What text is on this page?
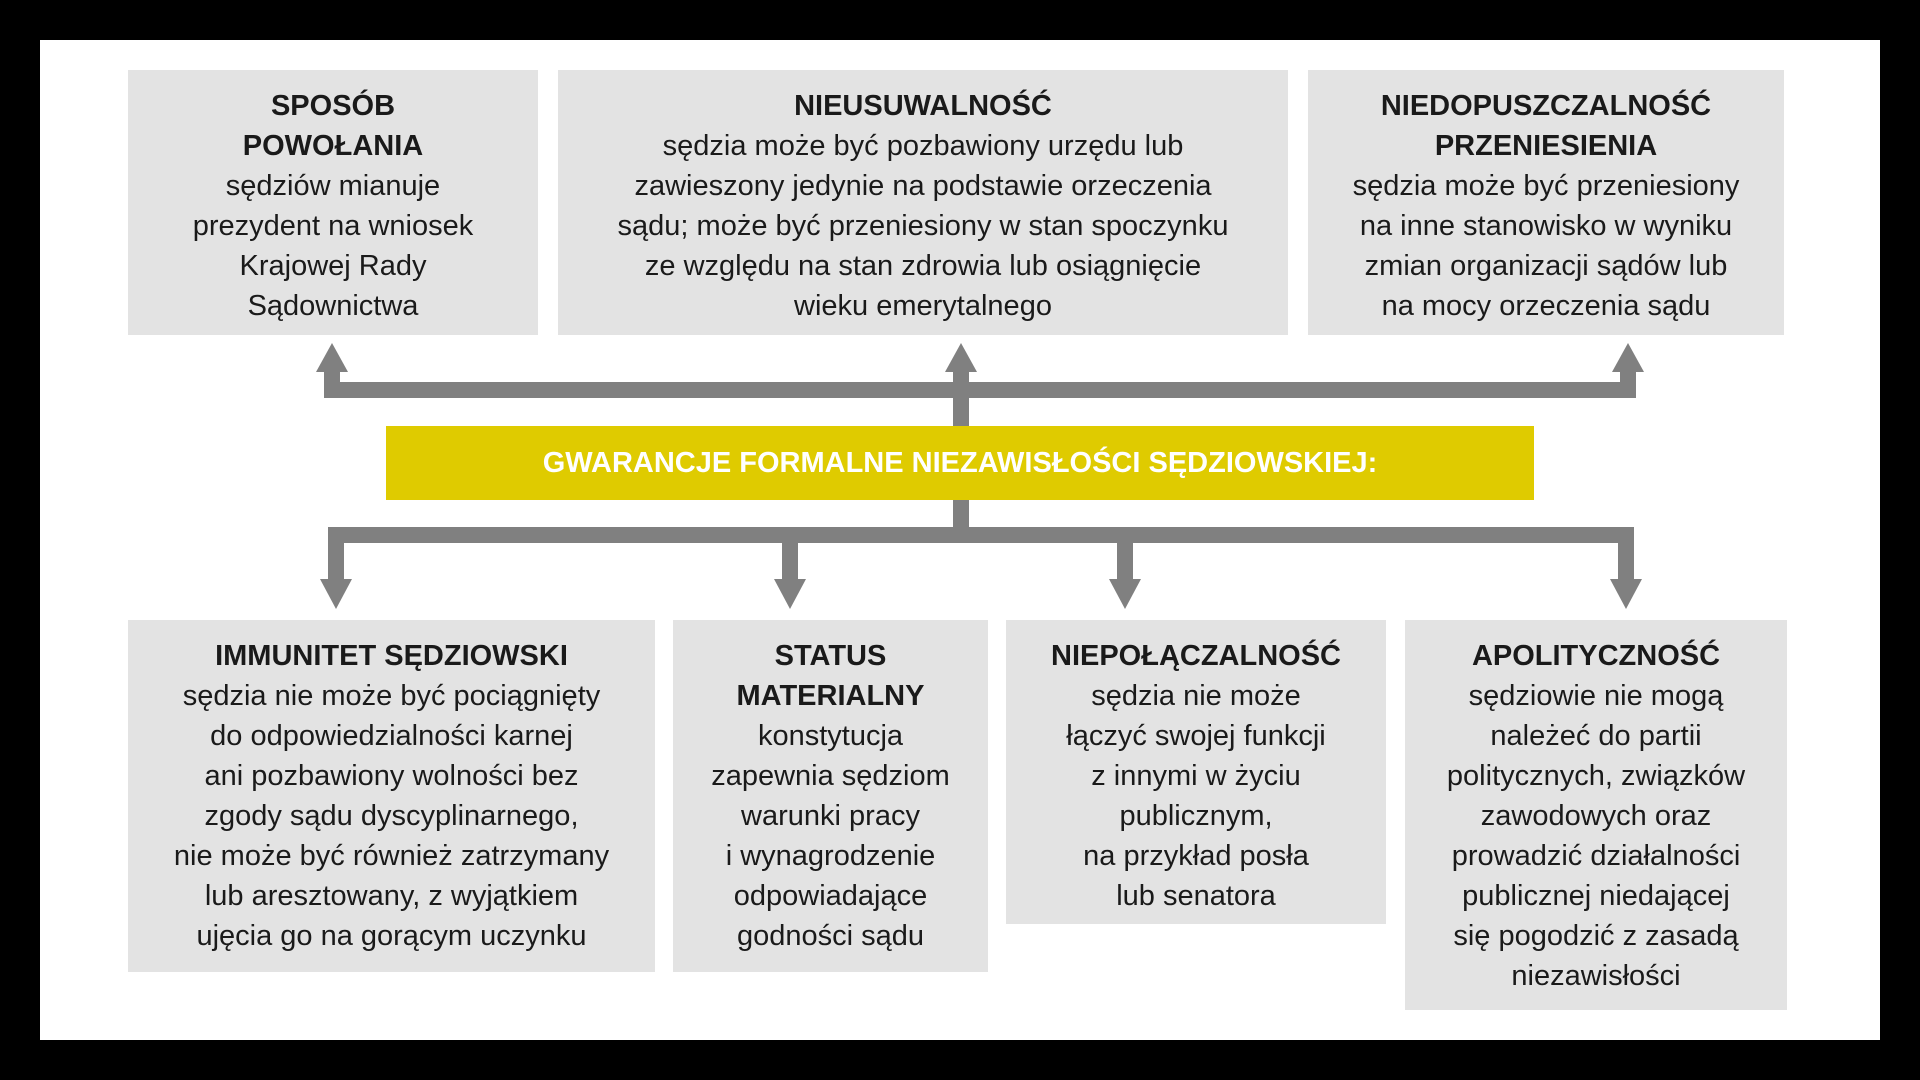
SPOSÓB
POWOŁANIA
sędziów mianuje
prezydent na wniosek
Krajowej Rady
Sądownictwa
NIEUSUWALNOŚĆ
sędzia może być pozbawiony urzędu lub
zawieszony jedynie na podstawie orzeczenia
sądu; może być przeniesiony w stan spoczynku
ze względu na stan zdrowia lub osiągnięcie
wieku emerytalnego
NIEDOPUSZCZALNOŚĆ
PRZENIESIENIA
sędzia może być przeniesiony
na inne stanowisko w wyniku
zmian organizacji sądów lub
na mocy orzeczenia sądu
GWARANCJE FORMALNE NIEZAWISŁOŚCI SĘDZIOWSKIEJ:
IMMUNITET SĘDZIOWSKI
sędzia nie może być pociągnięty
do odpowiedzialności karnej
ani pozbawiony wolności bez
zgody sądu dyscyplinarnego,
nie może być również zatrzymany
lub aresztowany, z wyjątkiem
ujęcia go na gorącym uczynku
STATUS
MATERIALNY
konstytucja
zapewnia sędziom
warunki pracy
i wynagrodzenie
odpowiadające
godności sądu
NIEPOŁĄCZALNOŚĆ
sędzia nie może
łączyć swojej funkcji
z innymi w życiu
publicznym,
na przykład posła
lub senatora
APOLITYCZNOŚĆ
sędziowie nie mogą
należeć do partii
politycznych, związków
zawodowych oraz
prowadzić działalności
publicznej niedającej
się pogodzić z zasadą
niezawisłości
